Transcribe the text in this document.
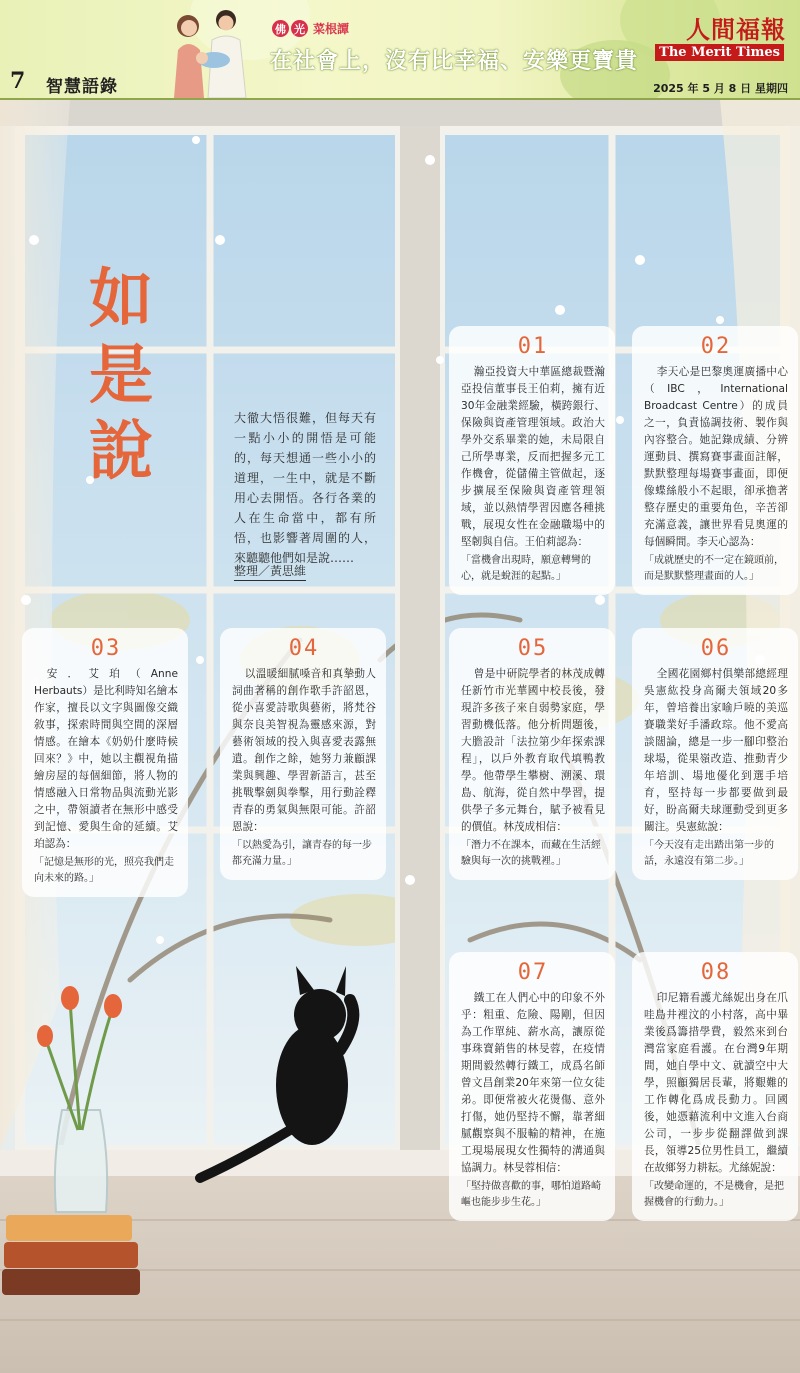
7 智慧語錄
佛 光 菜根譚
在社會上，沒有比幸福、安樂更寶貴
人間福報
The Merit Times
2025 年 5 月 8 日 星期四
如是說	大徹大悟很難，但每天有一點小小的開悟是可能的，每天想通一些小小的道理，一生中，就是不斷用心去開悟。各行各業的人在生命當中，都有所悟，也影響著周圍的人，來聽聽他們如是說……
整理／黃思維
01

瀚亞投資大中華區總裁暨瀚亞投信董事長王伯莉，擁有近30年金融業經驗，橫跨銀行、保險與資產管理領域。政治大學外交系畢業的她，未局限自己所學專業，反而把握多元工作機會，從儲備主管做起，逐步擴展至保險與資產管理領域，並以熱情學習因應各種挑戰，展現女性在金融職場中的堅韌與自信。王伯莉認為：

「當機會出現時，願意轉彎的心，就是蛻涯的起點。」

02

李天心是巴黎奧運廣播中心（IBC，International Broadcast Centre）的成員之一，負責協調技術、製作與內容整合。她記錄成績、分辨運動員、撰寫賽事畫面註解，默默整理每場賽事畫面，即便像蝶絲般小不起眼，卻承擔著整存歷史的重要角色，辛苦卻充滿意義，讓世界看見奧運的每個瞬間。李天心認為：

「成就歷史的不一定在鏡頭前，而是默默整理畫面的人。」

03

安．艾珀（Anne Herbauts）是比利時知名繪本作家，擅長以文字與圖像交織敘事，探索時間與空間的深層情感。在繪本《奶奶什麼時候回來？》中，她以主觀視角描繪房屋的每個細節，將人物的情感融入日常物品與流動光影之中，帶領讀者在無形中感受到記憶、愛與生命的延續。艾珀認為：

「記憶是無形的光，照亮我們走向未來的路。」

04

以溫暖細膩嗓音和真摯動人詞曲著稱的創作歌手許韶恩，從小喜愛詩歌與藝術，將梵谷與奈良美智視為靈感來源，對藝術領域的投入與喜愛表露無遺。創作之餘，她努力兼顧課業與興趣、學習新語言，甚至挑戰擊劍與拳擊，用行動詮釋青春的勇氣與無限可能。許韶恩說：

「以熱愛為引，讓青春的每一步都充滿力量。」

05

曾是中研院學者的林茂成轉任新竹市光華國中校長後，發現許多孩子來自弱勢家庭，學習動機低落。他分析問題後，大膽設計「法拉第少年探索課程」，以戶外教育取代填鴨教學。他帶學生攀樹、溯溪、環島、航海，從自然中學習，提供學子多元舞台，賦予被看見的價值。林茂成相信：

「潛力不在課本，而藏在生活經驗與每一次的挑戰裡。」

06

全國花園鄉村俱樂部總經理吳憲紘投身高爾夫領域20多年，曾培養出家喻戶曉的美巡賽職業好手潘政琮。他不愛高談闊論，總是一步一腳印整治球場，從果嶺改造、推動青少年培訓、場地優化到選手培育，堅持每一步都要做到最好，盼高爾夫球運動受到更多關注。吳憲紘說：

「今天沒有走出踏出第一步的話，永遠沒有第二步。」

07

鐵工在人們心中的印象不外乎：粗重、危險、陽剛，但因為工作單純、薪水高，讓原從事珠寶銷售的林旻蓉，在疫情期間毅然轉行鐵工，成爲名師曾文昌創業20年來第一位女徒弟。即便常被火花燙傷、意外打傷，她仍堅持不懈，靠著細膩觀察與不服輸的精神，在施工現場展現女性獨特的溝通與協調力。林旻蓉相信：

「堅持做喜歡的事，哪怕道路崎嶇也能步步生花。」

08

印尼籍看護尤絲妮出身在爪哇島井裡汶的小村落，高中畢業後爲籌措學費，毅然來到台灣當家庭看護。在台灣9年期間，她自學中文、就讀空中大學，照顧獨居長輩，將艱難的工作轉化爲成長動力。回國後，她憑藉流利中文進入台商公司，一步步從翻譯做到課長，領導25位男性員工，繼續在故鄉努力耕耘。尤絲妮說：

「改變命運的，不是機會，是把握機會的行動力。」
